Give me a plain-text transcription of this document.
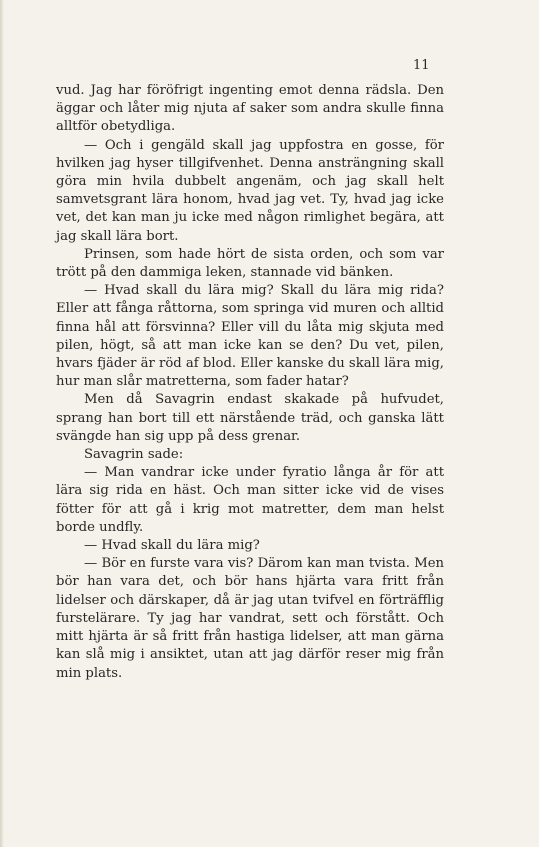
11

vud. Jag har föröfrigt ingenting emot denna rädsla. Den äggar och låter mig njuta af saker som andra skulle finna alltför obetydliga.

— Och i gengäld skall jag uppfostra en gosse, för hvilken jag hyser tillgifvenhet. Denna ansträngning skall göra min hvila dubbelt angenäm, och jag skall helt samvetsgrant lära honom, hvad jag vet. Ty, hvad jag icke vet, det kan man ju icke med någon rimlighet begära, att jag skall lära bort.

Prinsen, som hade hört de sista orden, och som var trött på den dammiga leken, stannade vid bänken.

— Hvad skall du lära mig? Skall du lära mig rida? Eller att fånga råttorna, som springa vid muren och alltid finna hål att försvinna? Eller vill du låta mig skjuta med pilen, högt, så att man icke kan se den? Du vet, pilen, hvars fjäder är röd af blod. Eller kanske du skall lära mig, hur man slår matretterna, som fader hatar?

Men då Savagrin endast skakade på hufvudet, sprang han bort till ett närstående träd, och ganska lätt svängde han sig upp på dess grenar.

Savagrin sade:

— Man vandrar icke under fyratio långa år för att lära sig rida en häst. Och man sitter icke vid de vises fötter för att gå i krig mot matretter, dem man helst borde undfly.

— Hvad skall du lära mig?

— Bör en furste vara vis? Därom kan man tvista. Men bör han vara det, och bör hans hjärta vara fritt från lidelser och därskaper, då är jag utan tvifvel en förträfflig furstelärare. Ty jag har vandrat, sett och förstått. Och mitt hjärta är så fritt från hastiga lidelser, att man gärna kan slå mig i ansiktet, utan att jag därför reser mig från min plats.
